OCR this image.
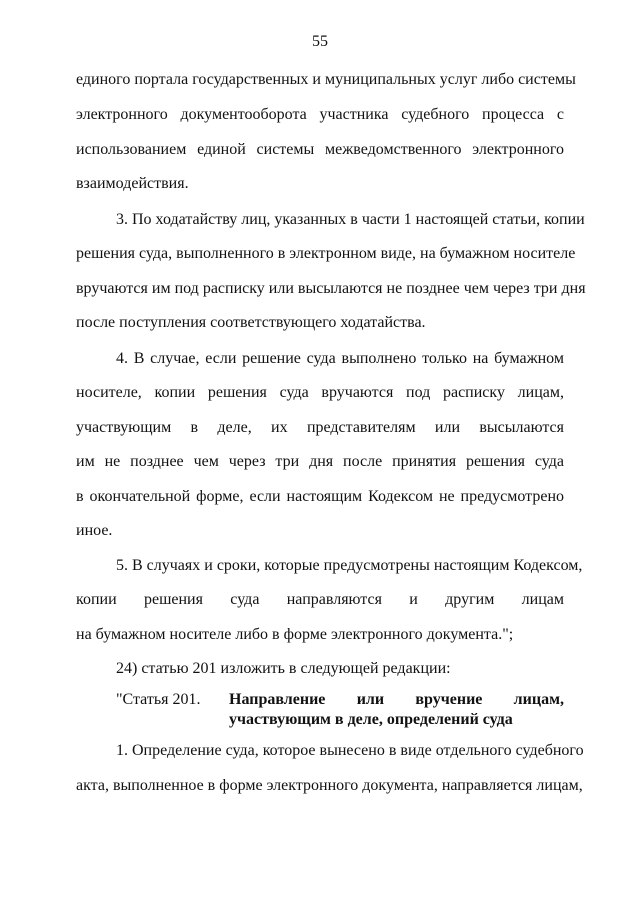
55
единого портала государственных и муниципальных услуг либо системы
электронного документооборота участника судебного процесса с
использованием единой системы межведомственного электронного
взаимодействия.
3. По ходатайству лиц, указанных в части 1 настоящей статьи, копии
решения суда, выполненного в электронном виде, на бумажном носителе
вручаются им под расписку или высылаются не позднее чем через три дня
после поступления соответствующего ходатайства.
4. В случае, если решение суда выполнено только на бумажном
носителе, копии решения суда вручаются под расписку лицам,
участвующим в деле, их представителям или высылаются
им не позднее чем через три дня после принятия решения суда
в окончательной форме, если настоящим Кодексом не предусмотрено
иное.
5. В случаях и сроки, которые предусмотрены настоящим Кодексом,
копии решения суда направляются и другим лицам
на бумажном носителе либо в форме электронного документа.";
24) статью 201 изложить в следующей редакции:
"Статья 201. Направление или вручение лицам,
участвующим в деле, определений суда
1. Определение суда, которое вынесено в виде отдельного судебного
акта, выполненное в форме электронного документа, направляется лицам,
